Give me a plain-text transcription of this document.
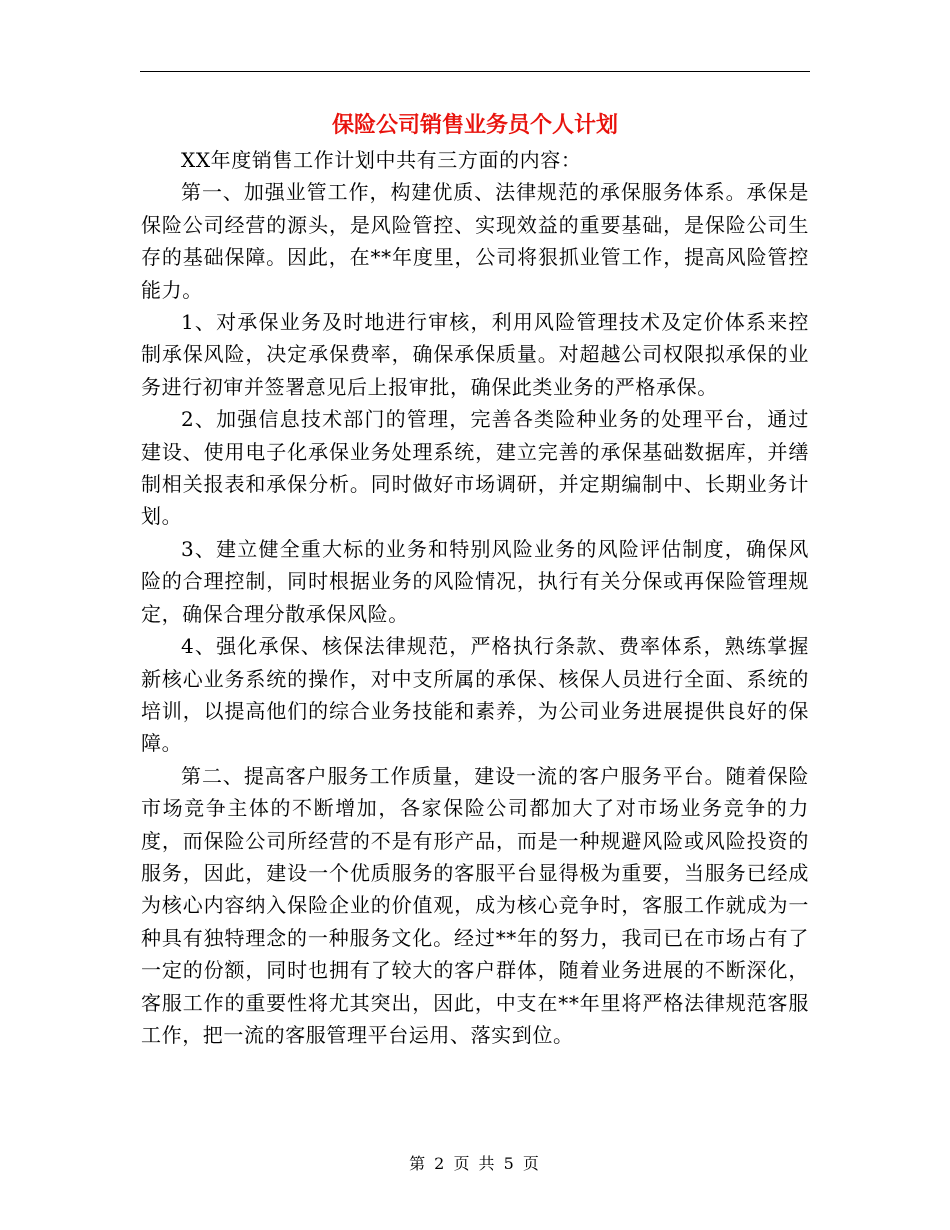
保险公司销售业务员个人计划

XX年度销售工作计划中共有三方面的内容：

第一、加强业管工作，构建优质、法律规范的承保服务体系。承保是保险公司经营的源头，是风险管控、实现效益的重要基础，是保险公司生存的基础保障。因此，在**年度里，公司将狠抓业管工作，提高风险管控能力。

1、对承保业务及时地进行审核，利用风险管理技术及定价体系来控制承保风险，决定承保费率，确保承保质量。对超越公司权限拟承保的业务进行初审并签署意见后上报审批，确保此类业务的严格承保。

2、加强信息技术部门的管理，完善各类险种业务的处理平台，通过建设、使用电子化承保业务处理系统，建立完善的承保基础数据库，并缮制相关报表和承保分析。同时做好市场调研，并定期编制中、长期业务计划。

3、建立健全重大标的业务和特别风险业务的风险评估制度，确保风险的合理控制，同时根据业务的风险情况，执行有关分保或再保险管理规定，确保合理分散承保风险。

4、强化承保、核保法律规范，严格执行条款、费率体系，熟练掌握新核心业务系统的操作，对中支所属的承保、核保人员进行全面、系统的培训，以提高他们的综合业务技能和素养，为公司业务进展提供良好的保障。

第二、提高客户服务工作质量，建设一流的客户服务平台。随着保险市场竞争主体的不断增加，各家保险公司都加大了对市场业务竞争的力度，而保险公司所经营的不是有形产品，而是一种规避风险或风险投资的服务，因此，建设一个优质服务的客服平台显得极为重要，当服务已经成为核心内容纳入保险企业的价值观，成为核心竞争时，客服工作就成为一种具有独特理念的一种服务文化。经过**年的努力，我司已在市场占有了一定的份额，同时也拥有了较大的客户群体，随着业务进展的不断深化，客服工作的重要性将尤其突出，因此，中支在**年里将严格法律规范客服工作，把一流的客服管理平台运用、落实到位。

第 2 页 共 5 页
